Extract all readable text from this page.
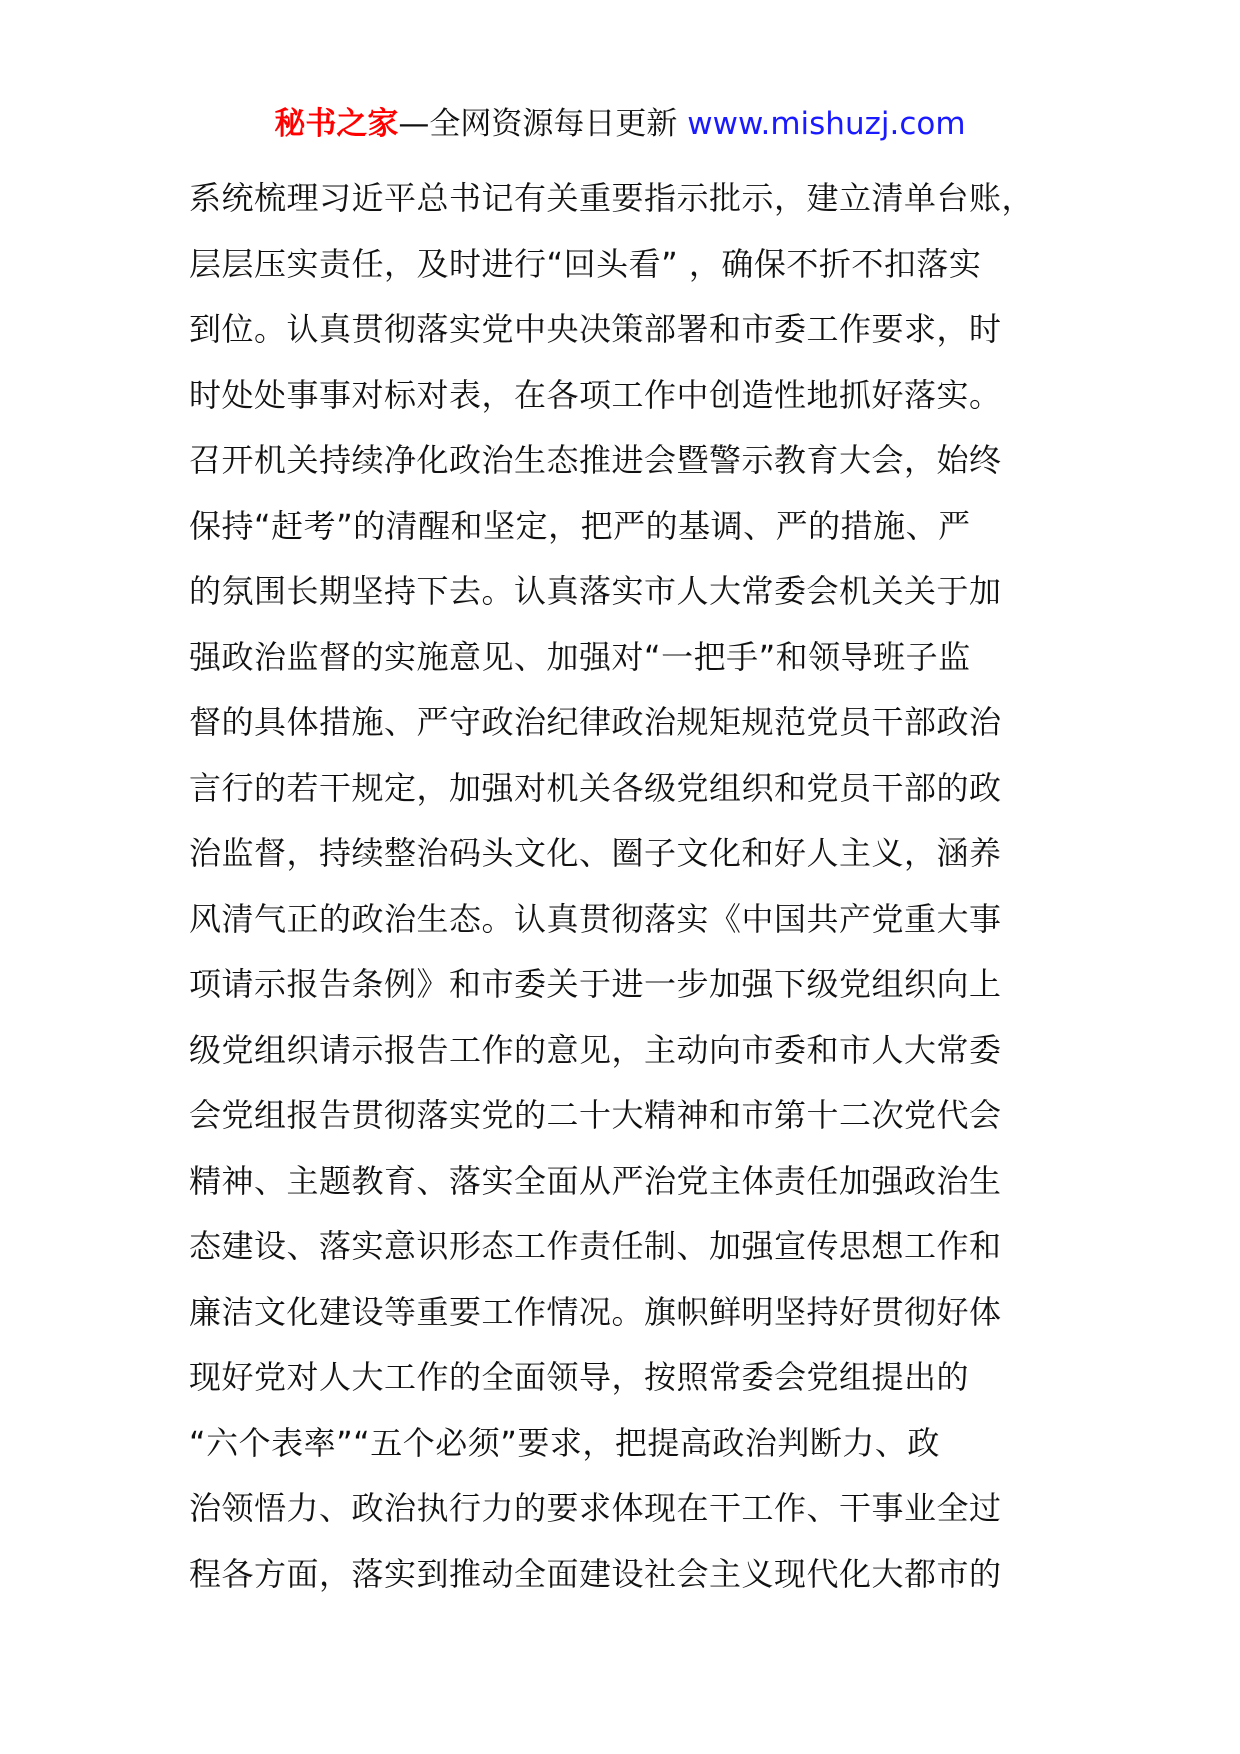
秘书之家—全网资源每日更新 www.mishuzj.com
系统梳理习近平总书记有关重要指示批示，建立清单台账，
层层压实责任，及时进行“回头看” ，确保不折不扣落实
到位。认真贯彻落实党中央决策部署和市委工作要求，时
时处处事事对标对表，在各项工作中创造性地抓好落实。
召开机关持续净化政治生态推进会暨警示教育大会，始终
保持“赶考”的清醒和坚定，把严的基调、严的措施、严
的氛围长期坚持下去。认真落实市人大常委会机关关于加
强政治监督的实施意见、加强对“一把手”和领导班子监
督的具体措施、严守政治纪律政治规矩规范党员干部政治
言行的若干规定，加强对机关各级党组织和党员干部的政
治监督，持续整治码头文化、圈子文化和好人主义，涵养
风清气正的政治生态。认真贯彻落实《中国共产党重大事
项请示报告条例》和市委关于进一步加强下级党组织向上
级党组织请示报告工作的意见，主动向市委和市人大常委
会党组报告贯彻落实党的二十大精神和市第十二次党代会
精神、主题教育、落实全面从严治党主体责任加强政治生
态建设、落实意识形态工作责任制、加强宣传思想工作和
廉洁文化建设等重要工作情况。旗帜鲜明坚持好贯彻好体
现好党对人大工作的全面领导，按照常委会党组提出的
“六个表率”“五个必须”要求，把提高政治判断力、政
治领悟力、政治执行力的要求体现在干工作、干事业全过
程各方面，落实到推动全面建设社会主义现代化大都市的
